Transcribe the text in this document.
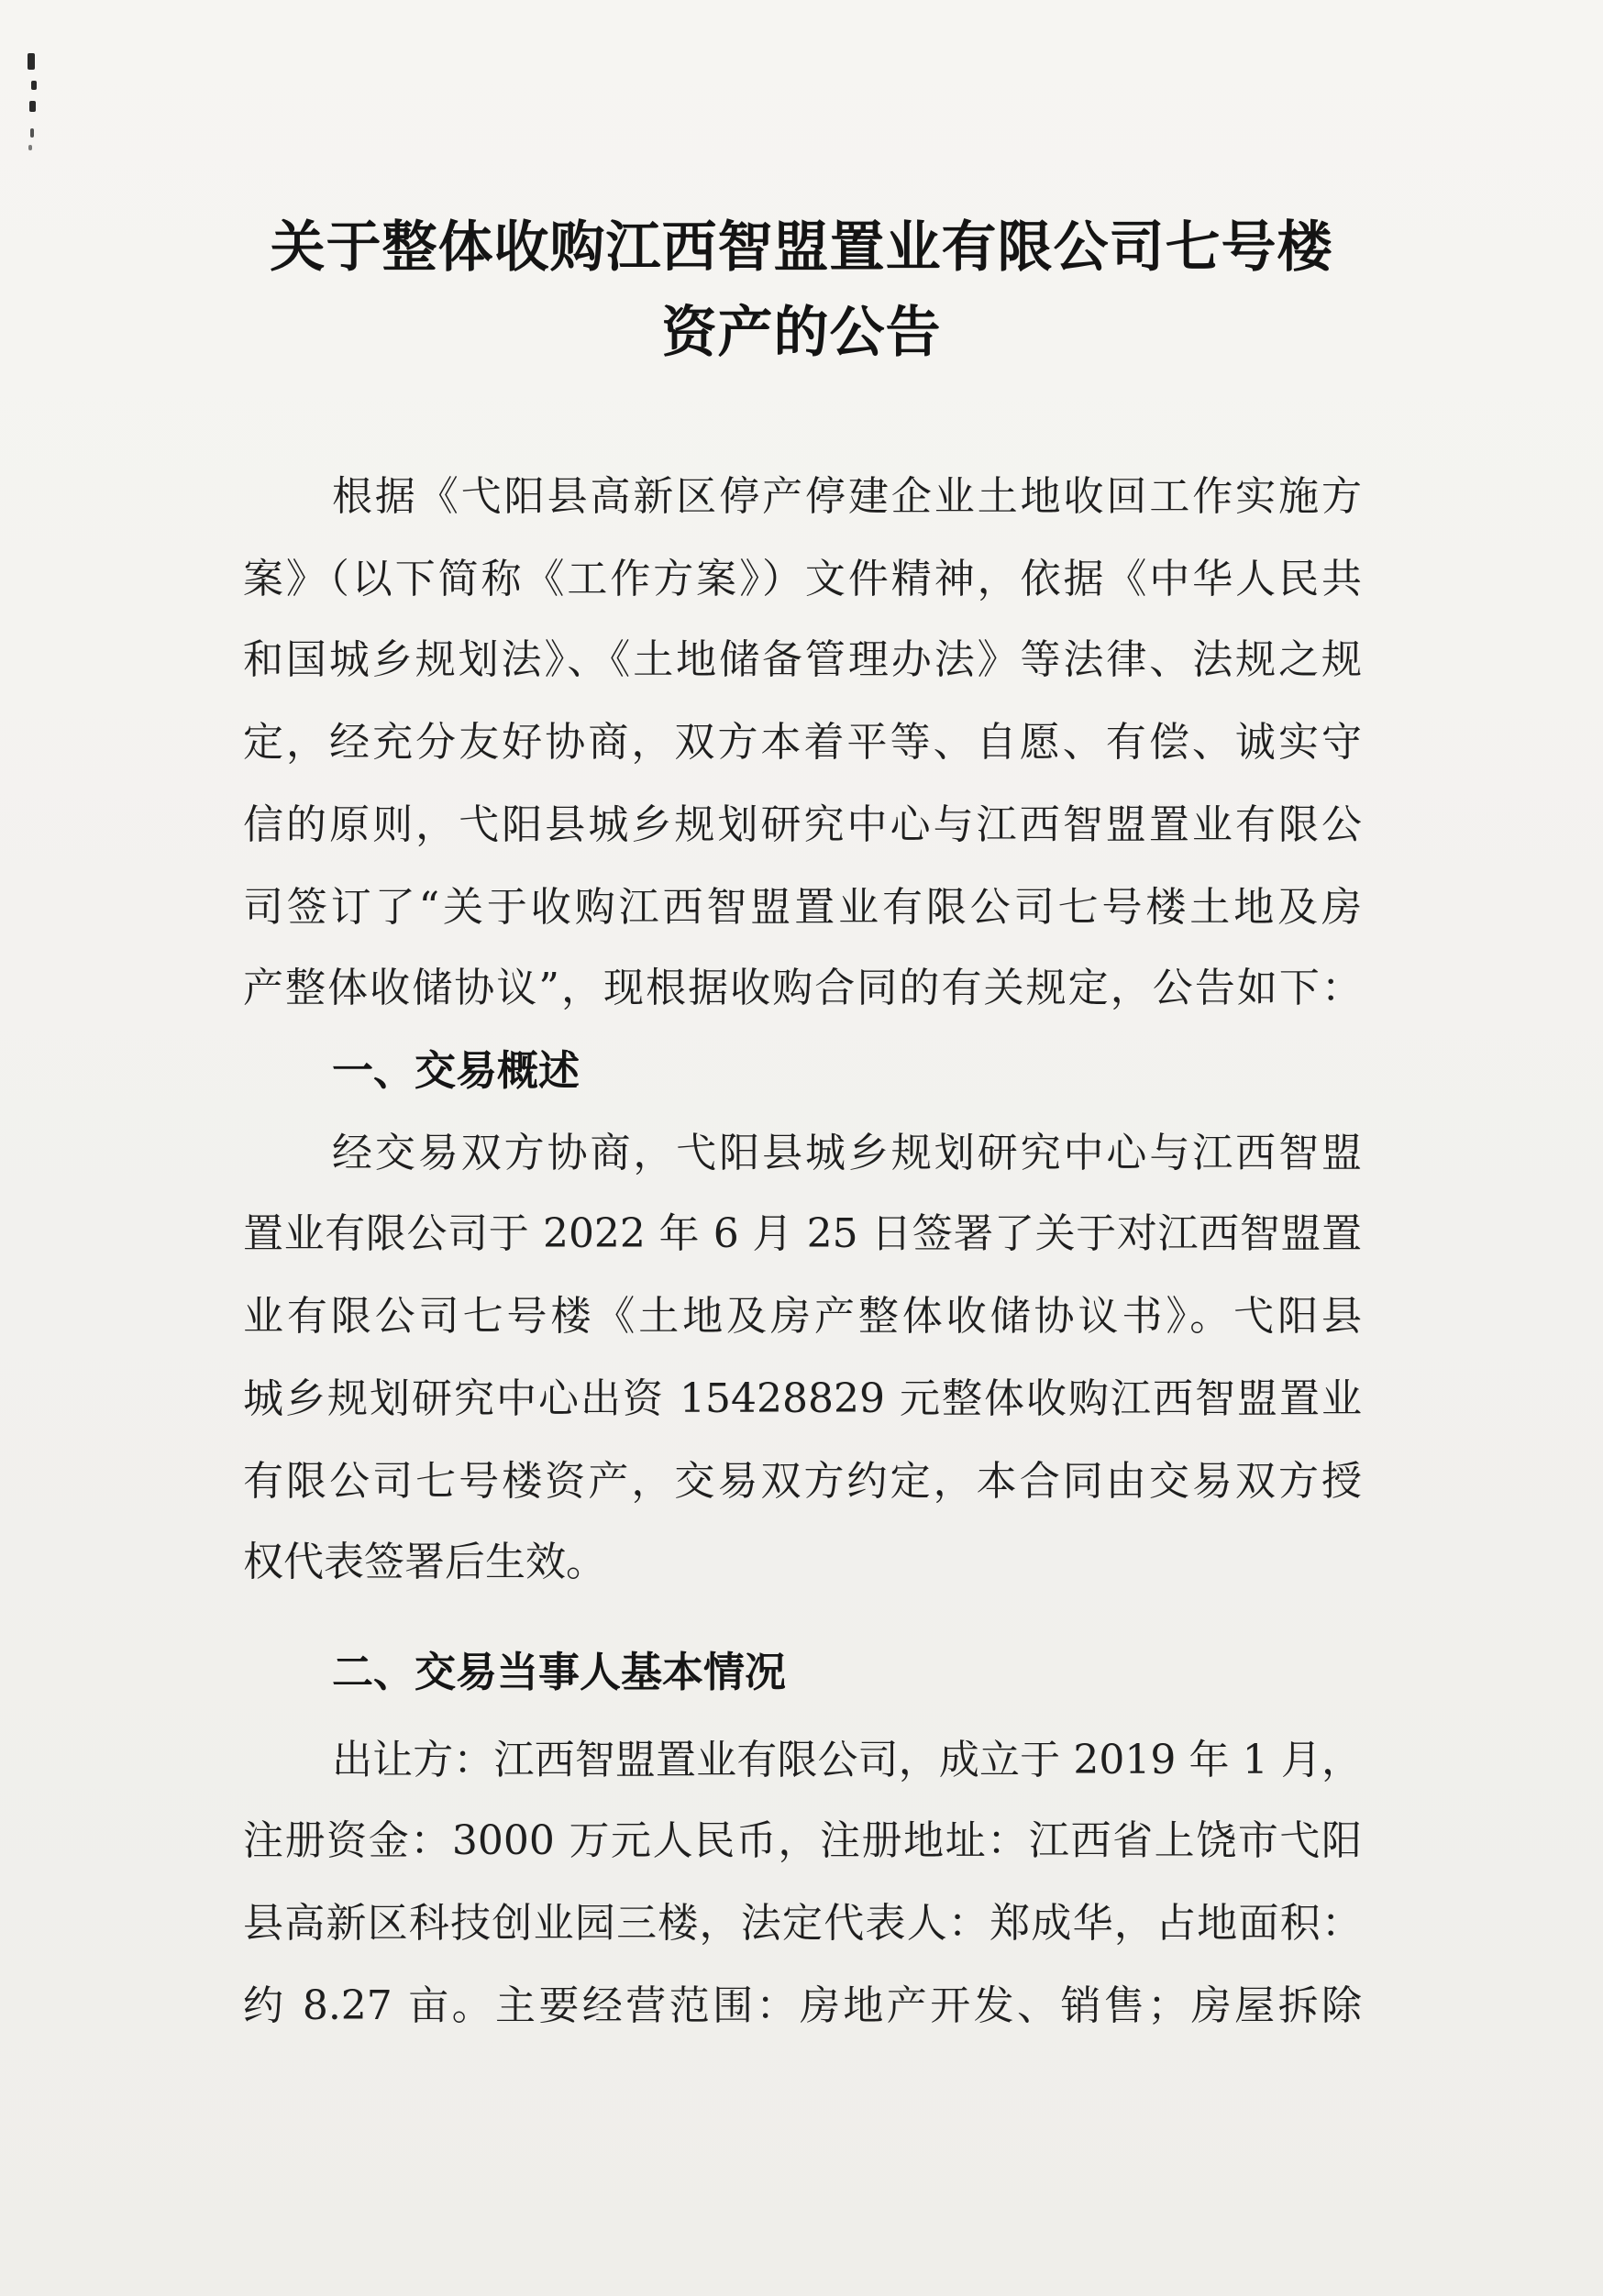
关于整体收购江西智盟置业有限公司七号楼
资产的公告
根据《弋阳县高新区停产停建企业土地收回工作实施方
案》（以下简称《工作方案》）文件精神，依据《中华人民共
和国城乡规划法》、《土地储备管理办法》等法律、法规之规
定，经充分友好协商，双方本着平等、自愿、有偿、诚实守
信的原则，弋阳县城乡规划研究中心与江西智盟置业有限公
司签订了“关于收购江西智盟置业有限公司七号楼土地及房
产整体收储协议”，现根据收购合同的有关规定，公告如下：
一、交易概述
经交易双方协商，弋阳县城乡规划研究中心与江西智盟
置业有限公司于 2022 年 6 月 25 日签署了关于对江西智盟置
业有限公司七号楼《土地及房产整体收储协议书》。弋阳县
城乡规划研究中心出资 15428829 元整体收购江西智盟置业
有限公司七号楼资产，交易双方约定，本合同由交易双方授
权代表签署后生效。
二、交易当事人基本情况
出让方：江西智盟置业有限公司，成立于 2019 年 1 月，
注册资金：3000 万元人民币，注册地址：江西省上饶市弋阳
县高新区科技创业园三楼，法定代表人：郑成华，占地面积：
约 8.27 亩。主要经营范围：房地产开发、销售；房屋拆除
